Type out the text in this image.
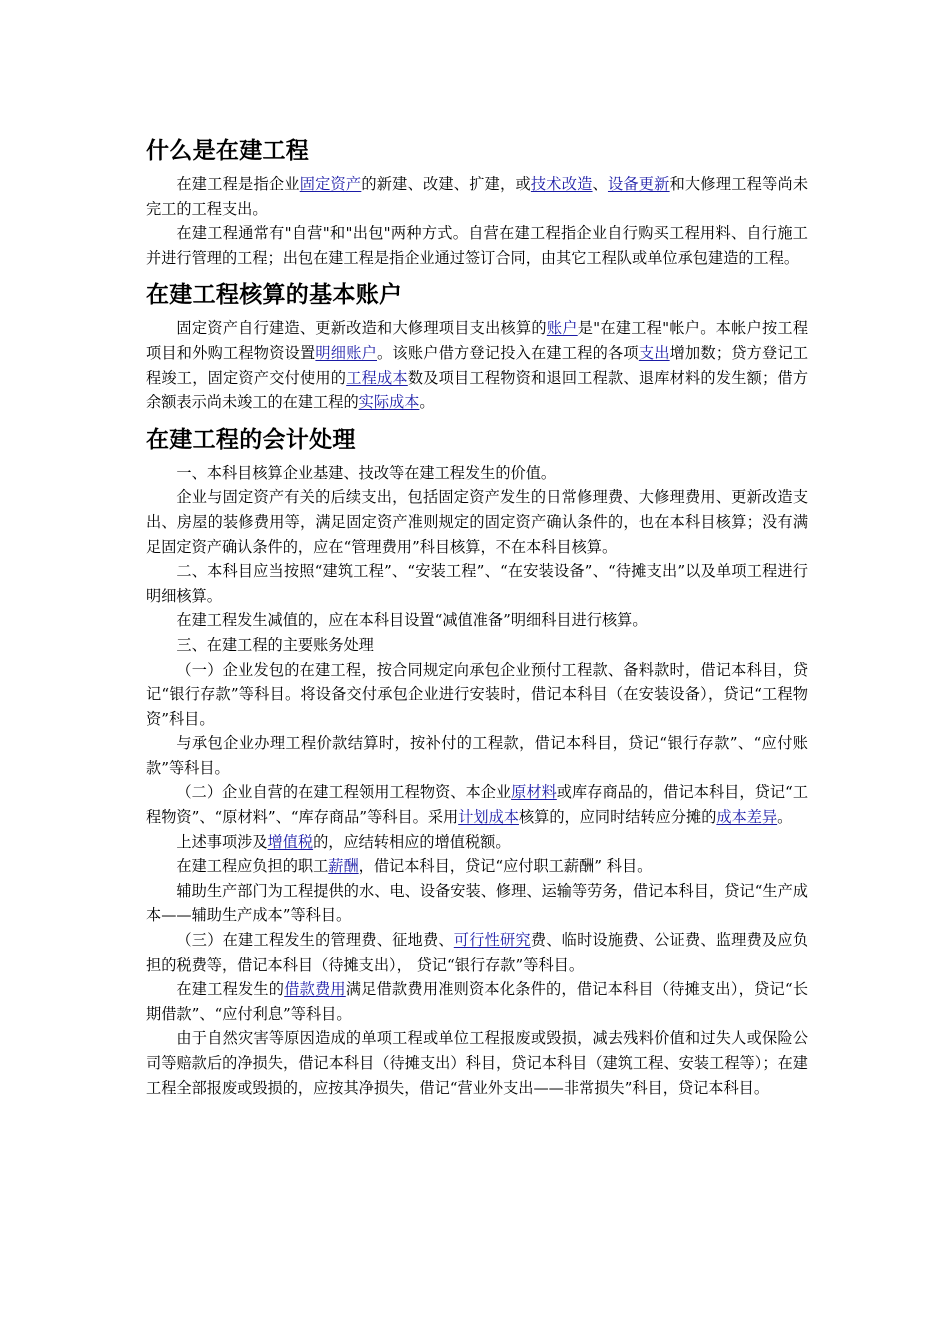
什么是在建工程

在建工程是指企业固定资产的新建、改建、扩建，或技术改造、设备更新和大修理工程等尚未完工的工程支出。

在建工程通常有"自营"和"出包"两种方式。自营在建工程指企业自行购买工程用料、自行施工并进行管理的工程；出包在建工程是指企业通过签订合同，由其它工程队或单位承包建造的工程。

在建工程核算的基本账户

固定资产自行建造、更新改造和大修理项目支出核算的账户是"在建工程"帐户。本帐户按工程项目和外购工程物资设置明细账户。该账户借方登记投入在建工程的各项支出增加数；贷方登记工程竣工，固定资产交付使用的工程成本数及项目工程物资和退回工程款、退库材料的发生额；借方余额表示尚未竣工的在建工程的实际成本。

在建工程的会计处理

一、本科目核算企业基建、技改等在建工程发生的价值。

企业与固定资产有关的后续支出，包括固定资产发生的日常修理费、大修理费用、更新改造支出、房屋的装修费用等，满足固定资产准则规定的固定资产确认条件的，也在本科目核算；没有满足固定资产确认条件的，应在“管理费用”科目核算，不在本科目核算。

二、本科目应当按照“建筑工程”、“安装工程”、“在安装设备”、“待摊支出”以及单项工程进行明细核算。

在建工程发生减值的，应在本科目设置“减值准备”明细科目进行核算。

三、在建工程的主要账务处理

（一）企业发包的在建工程，按合同规定向承包企业预付工程款、备料款时，借记本科目，贷记“银行存款”等科目。将设备交付承包企业进行安装时，借记本科目（在安装设备），贷记“工程物资”科目。

与承包企业办理工程价款结算时，按补付的工程款，借记本科目，贷记“银行存款”、“应付账款”等科目。

（二）企业自营的在建工程领用工程物资、本企业原材料或库存商品的，借记本科目，贷记“工程物资”、“原材料”、“库存商品”等科目。采用计划成本核算的，应同时结转应分摊的成本差异。

上述事项涉及增值税的，应结转相应的增值税额。

在建工程应负担的职工薪酬，借记本科目，贷记“应付职工薪酬” 科目。

辅助生产部门为工程提供的水、电、设备安装、修理、运输等劳务，借记本科目，贷记“生产成本——辅助生产成本”等科目。

（三）在建工程发生的管理费、征地费、可行性研究费、临时设施费、公证费、监理费及应负担的税费等，借记本科目（待摊支出）， 贷记“银行存款”等科目。

在建工程发生的借款费用满足借款费用准则资本化条件的，借记本科目（待摊支出），贷记“长期借款”、“应付利息”等科目。

由于自然灾害等原因造成的单项工程或单位工程报废或毁损，减去残料价值和过失人或保险公司等赔款后的净损失，借记本科目（待摊支出）科目，贷记本科目（建筑工程、安装工程等）；在建工程全部报废或毁损的，应按其净损失，借记“营业外支出——非常损失”科目，贷记本科目。
